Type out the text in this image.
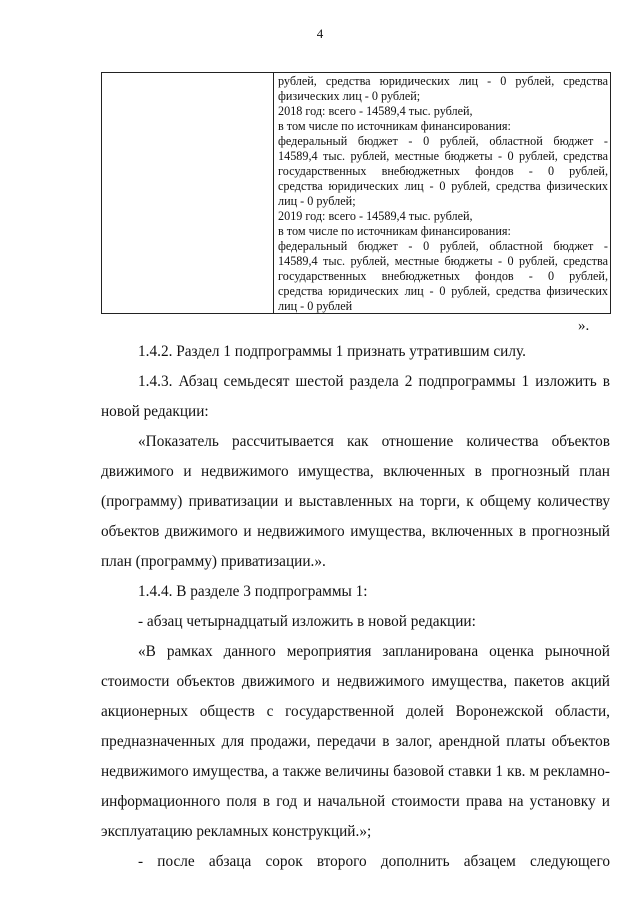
4
рублей, средства юридических лиц - 0 рублей, средства
физических лиц - 0 рублей;
2018 год: всего - 14589,4 тыс. рублей,
в том числе по источникам финансирования:
федеральный бюджет - 0 рублей, областной бюджет -
14589,4 тыс. рублей, местные бюджеты - 0 рублей, средства
государственных внебюджетных фондов - 0 рублей,
средства юридических лиц - 0 рублей, средства физических
лиц - 0 рублей;
2019 год: всего - 14589,4 тыс. рублей,
в том числе по источникам финансирования:
федеральный бюджет - 0 рублей, областной бюджет -
14589,4 тыс. рублей, местные бюджеты - 0 рублей, средства
государственных внебюджетных фондов - 0 рублей,
средства юридических лиц - 0 рублей, средства физических
лиц - 0 рублей
».
1.4.2. Раздел 1 подпрограммы 1 признать утратившим силу.
1.4.3. Абзац семьдесят шестой раздела 2 подпрограммы 1 изложить в
новой редакции:
«Показатель рассчитывается как отношение количества объектов
движимого и недвижимого имущества, включенных в прогнозный план
(программу) приватизации и выставленных на торги, к общему количеству
объектов движимого и недвижимого имущества, включенных в прогнозный
план (программу) приватизации.».
1.4.4. В разделе 3 подпрограммы 1:
- абзац четырнадцатый изложить в новой редакции:
«В рамках данного мероприятия запланирована оценка рыночной
стоимости объектов движимого и недвижимого имущества, пакетов акций
акционерных обществ с государственной долей Воронежской области,
предназначенных для продажи, передачи в залог, арендной платы объектов
недвижимого имущества, а также величины базовой ставки 1 кв. м рекламно-
информационного поля в год и начальной стоимости права на установку и
эксплуатацию рекламных конструкций.»;
- после абзаца сорок второго дополнить абзацем следующего
